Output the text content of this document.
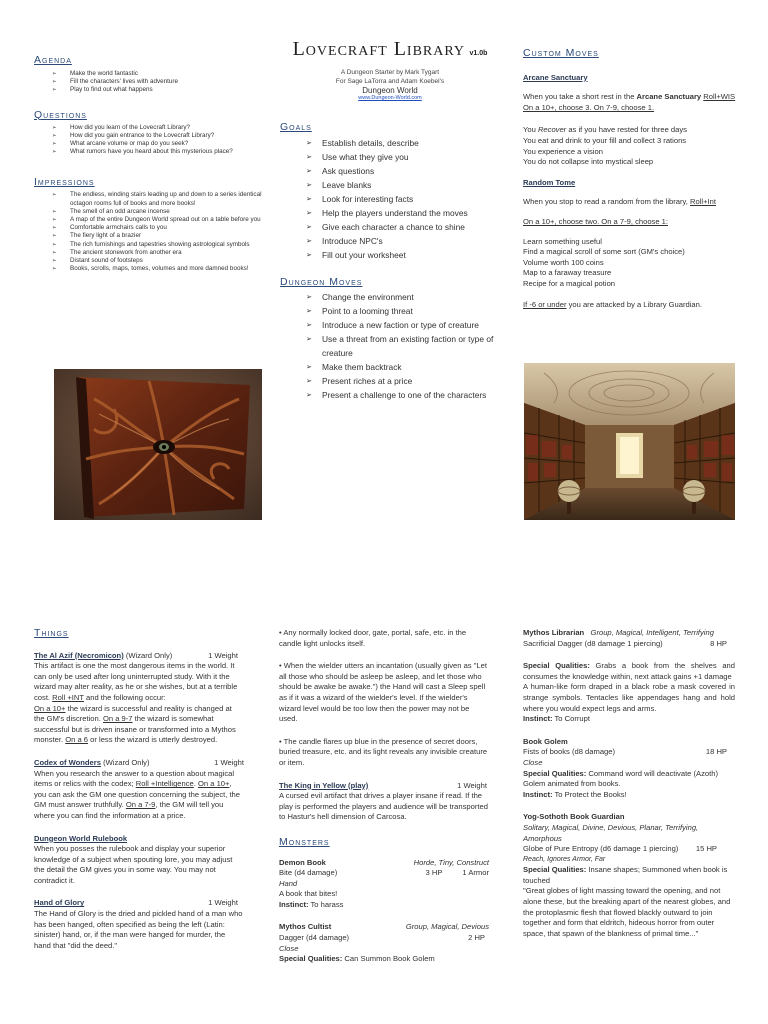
Agenda
➢ Make the world fantastic
➢ Fill the characters' lives with adventure
➢ Play to find out what happens
Questions
➢ How did you learn of the Lovecraft Library?
➢ How did you gain entrance to the Lovecraft Library?
➢ What arcane volume or map do you seek?
➢ What rumors have you heard about this mysterious place?
Impressions
➢ The endless, winding stairs leading up and down to a series identical octagon rooms full of books and more books!
➢ The smell of an odd arcane incense
➢ A map of the entire Dungeon World spread out on a table before you
➢ Comfortable armchairs calls to you
➢ The fiery light of a brazier
➢ The rich furnishings and tapestries showing astrological symbols
➢ The ancient stonework from another era
➢ Distant sound of footsteps
➢ Books, scrolls, maps, tomes, volumes and more damned books!
Lovecraft Library v1.0b
A Dungeon Starter by Mark Tygart
For Sage LaTorra and Adam Koebel's
Dungeon World
www.Dungeon-World.com
Goals
➢ Establish details, describe
➢ Use what they give you
➢ Ask questions
➢ Leave blanks
➢ Look for interesting facts
➢ Help the players understand the moves
➢ Give each character a chance to shine
➢ Introduce NPC's
➢ Fill out your worksheet
Dungeon Moves
➢ Change the environment
➢ Point to a looming threat
➢ Introduce a new faction or type of creature
➢ Use a threat from an existing faction or type of creature
➢ Make them backtrack
➢ Present riches at a price
➢ Present a challenge to one of the characters
Custom Moves
Arcane Sanctuary
When you take a short rest in the Arcane Sanctuary Roll+WIS
On a 10+, choose 3. On 7-9, choose 1.
You Recover as if you have rested for three days
You eat and drink to your fill and collect 3 rations
You experience a vision
You do not collapse into mystical sleep
Random Tome
When you stop to read a random from the library, Roll+Int
On a 10+, choose two. On a 7-9, choose 1:
Learn something useful
Find a magical scroll of some sort (GM's choice)
Volume worth 100 coins
Map to a faraway treasure
Recipe for a magical potion
If -6 or under you are attacked by a Library Guardian.
Things
The Al Azif (Necromicon) (Wizard Only)	1 Weight
This artifact is one the most dangerous items in the world. It can only be used after long uninterrupted study. With it the wizard may alter reality, as he or she wishes, but at a terrible cost. Roll +INT and the following occur:
On a 10+ the wizard is successful and reality is changed at the GM's discretion. On a 9-7 the wizard is somewhat successful but is driven insane or transformed into a Mythos monster. On a 6 or less the wizard is utterly destroyed.
Codex of Wonders (Wizard Only)	1 Weight
When you research the answer to a question about magical items or relics with the codex; Roll +Intelligence. On a 10+, you can ask the GM one question concerning the subject, the GM must answer truthfully. On a 7-9, the GM will tell you where you can find the information at a price.
Dungeon World Rulebook
When you posses the rulebook and display your superior knowledge of a subject when spouting lore, you may adjust the detail the GM gives you in some way. You may not contradict it.
Hand of Glory	1 Weight
The Hand of Glory is the dried and pickled hand of a man who has been hanged, often specified as being the left (Latin: sinister) hand, or, if the man were hanged for murder, the hand that "did the deed."
• Any normally locked door, gate, portal, safe, etc. in the candle light unlocks itself.
• When the wielder utters an incantation (usually given as "Let all those who should be asleep be asleep, and let those who should be awake be awake.") the Hand will cast a Sleep spell as if it was a wizard of the wielder's level. If the wielder's wizard level would be too low then the power may not be used.
• The candle flares up blue in the presence of secret doors, buried treasure, etc. and its light reveals any invisible creature or item.
The King in Yellow (play)	1 Weight
A cursed evil artifact that drives a player insane if read. If the play is performed the players and audience will be transported to Hastur's hell dimension of Carcosa.
Monsters
Demon Book	Horde, Tiny, Construct
Bite (d4 damage)	3 HP	1 Armor
Hand
A book that bites!
Instinct: To harass
Mythos Cultist	Group, Magical, Devious
Dagger (d4 damage)	2 HP
Close
Special Qualities: Can Summon Book Golem
Mythos Librarian Group, Magical, Intelligent, Terrifying
Sacrificial Dagger (d8 damage 1 piercing)	8 HP
Special Qualities: Grabs a book from the shelves and consumes the knowledge within, next attack gains +1 damage
A human-like form draped in a black robe a mask covered in strange symbols. Tentacles like appendages hang and hold where you would expect legs and arms.
Instinct: To Corrupt
Book Golem
Fists of books (d8 damage)	18 HP
Close
Special Qualities: Command word will deactivate (Azoth)
Golem animated from books.
Instinct: To Protect the Books!
Yog-Sothoth Book Guardian
Solitary, Magical, Divine, Devious, Planar, Terrifying, Amorphous
Globe of Pure Entropy (d6 damage 1 piercing) 15 HP
Reach, Ignores Armor, Far
Special Qualities: Insane shapes; Summoned when book is touched
"Great globes of light massing toward the opening, and not alone these, but the breaking apart of the nearest globes, and the protoplasmic flesh that flowed blackly outward to join together and form that eldritch, hideous horror from outer space, that spawn of the blankness of primal time..."
